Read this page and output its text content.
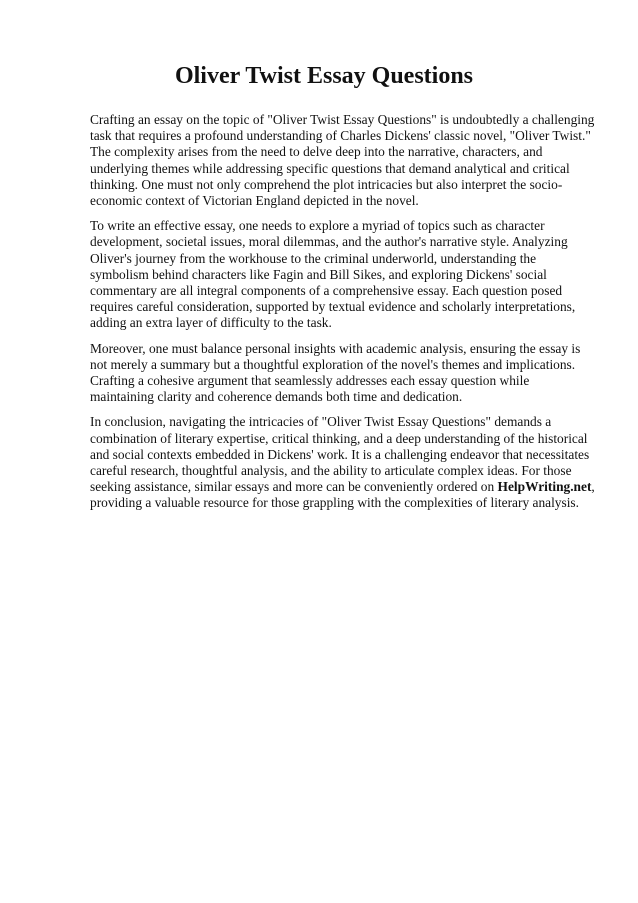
Oliver Twist Essay Questions

Crafting an essay on the topic of "Oliver Twist Essay Questions" is undoubtedly a challenging task that requires a profound understanding of Charles Dickens' classic novel, "Oliver Twist." The complexity arises from the need to delve deep into the narrative, characters, and underlying themes while addressing specific questions that demand analytical and critical thinking. One must not only comprehend the plot intricacies but also interpret the socio-economic context of Victorian England depicted in the novel.

To write an effective essay, one needs to explore a myriad of topics such as character development, societal issues, moral dilemmas, and the author's narrative style. Analyzing Oliver's journey from the workhouse to the criminal underworld, understanding the symbolism behind characters like Fagin and Bill Sikes, and exploring Dickens' social commentary are all integral components of a comprehensive essay. Each question posed requires careful consideration, supported by textual evidence and scholarly interpretations, adding an extra layer of difficulty to the task.

Moreover, one must balance personal insights with academic analysis, ensuring the essay is not merely a summary but a thoughtful exploration of the novel's themes and implications. Crafting a cohesive argument that seamlessly addresses each essay question while maintaining clarity and coherence demands both time and dedication.

In conclusion, navigating the intricacies of "Oliver Twist Essay Questions" demands a combination of literary expertise, critical thinking, and a deep understanding of the historical and social contexts embedded in Dickens' work. It is a challenging endeavor that necessitates careful research, thoughtful analysis, and the ability to articulate complex ideas. For those seeking assistance, similar essays and more can be conveniently ordered on HelpWriting.net, providing a valuable resource for those grappling with the complexities of literary analysis.
